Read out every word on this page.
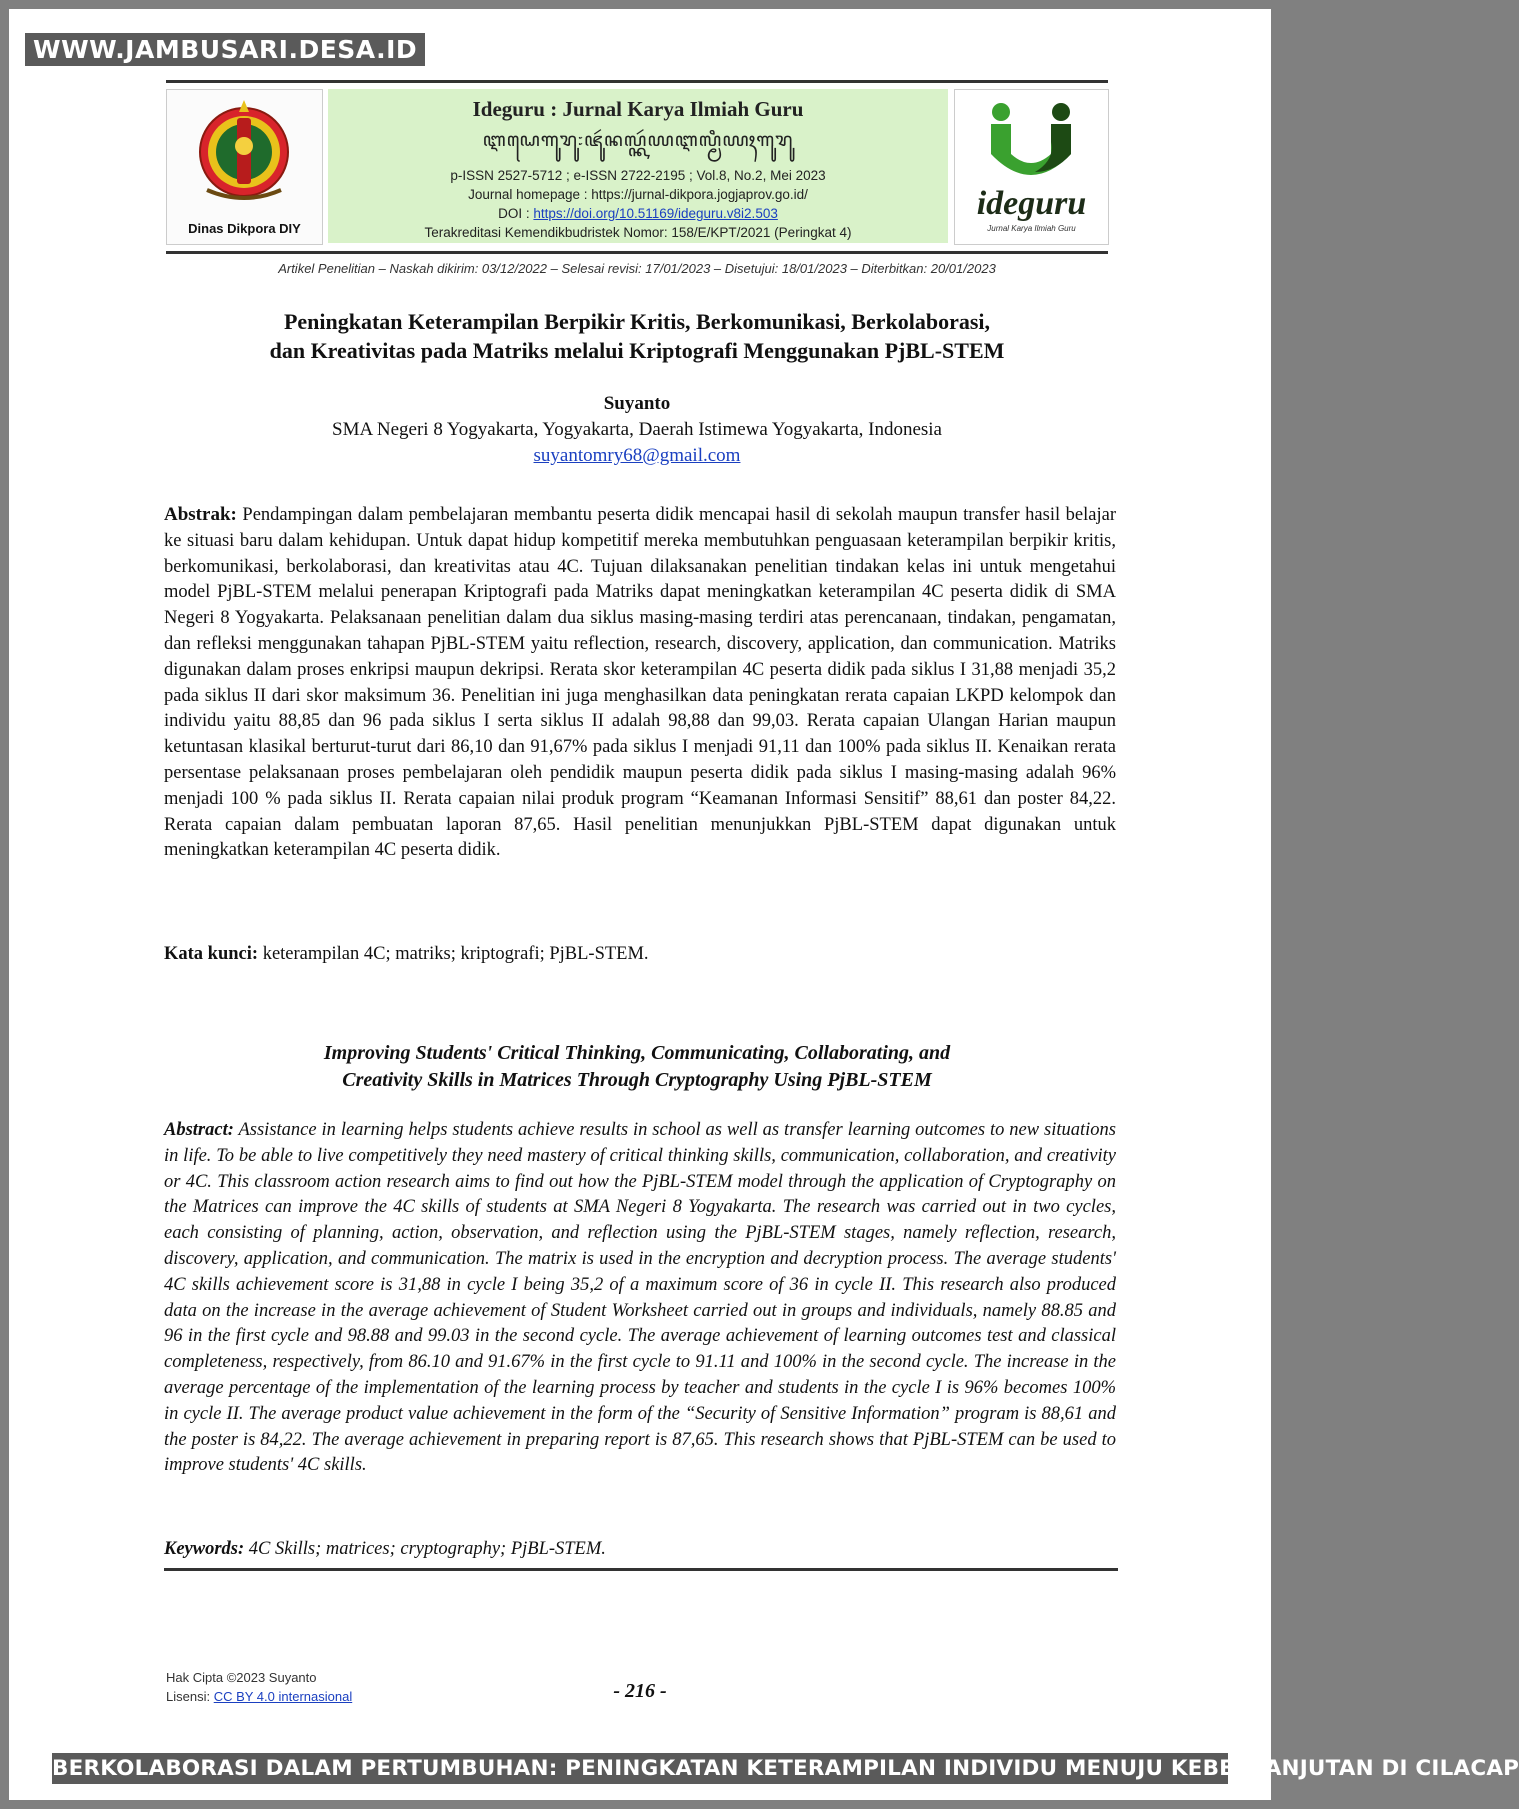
WWW.JAMBUSARI.DESA.ID
Dinas Dikpora DIY
Ideguru : Jurnal Karya Ilmiah Guru
ꦆꦝꦺꦒꦸꦫꦸ꧇ꦗꦸꦂꦤꦭ꧀ꦏꦂꦪꦆꦭ꧀ꦩꦶꦪꦃꦒꦸꦫꦸ
p-ISSN 2527-5712 ; e-ISSN 2722-2195 ; Vol.8, No.2, Mei 2023
Journal homepage : https://jurnal-dikpora.jogjaprov.go.id/
DOI : https://doi.org/10.51169/ideguru.v8i2.503
Terakreditasi Kemendikbudristek Nomor: 158/E/KPT/2021 (Peringkat 4)
ideguru
Jurnal Karya Ilmiah Guru
Artikel Penelitian – Naskah dikirim: 03/12/2022 – Selesai revisi: 17/01/2023 – Disetujui: 18/01/2023 – Diterbitkan: 20/01/2023
Peningkatan Keterampilan Berpikir Kritis, Berkomunikasi, Berkolaborasi,
dan Kreativitas pada Matriks melalui Kriptografi Menggunakan PjBL-STEM
Suyanto
SMA Negeri 8 Yogyakarta, Yogyakarta, Daerah Istimewa Yogyakarta, Indonesia
suyantomry68@gmail.com
Abstrak: Pendampingan dalam pembelajaran membantu peserta didik mencapai hasil di sekolah maupun transfer hasil belajar ke situasi baru dalam kehidupan. Untuk dapat hidup kompetitif mereka membutuhkan penguasaan keterampilan berpikir kritis, berkomunikasi, berkolaborasi, dan kreativitas atau 4C. Tujuan dilaksanakan penelitian tindakan kelas ini untuk mengetahui model PjBL-STEM melalui penerapan Kriptografi pada Matriks dapat meningkatkan keterampilan 4C peserta didik di SMA Negeri 8 Yogyakarta. Pelaksanaan penelitian dalam dua siklus masing-masing terdiri atas perencanaan, tindakan, pengamatan, dan refleksi menggunakan tahapan PjBL-STEM yaitu reflection, research, discovery, application, dan communication. Matriks digunakan dalam proses enkripsi maupun dekripsi. Rerata skor keterampilan 4C peserta didik pada siklus I 31,88 menjadi 35,2 pada siklus II dari skor maksimum 36. Penelitian ini juga menghasilkan data peningkatan rerata capaian LKPD kelompok dan individu yaitu 88,85 dan 96 pada siklus I serta siklus II adalah 98,88 dan 99,03. Rerata capaian Ulangan Harian maupun ketuntasan klasikal berturut-turut dari 86,10 dan 91,67% pada siklus I menjadi 91,11 dan 100% pada siklus II. Kenaikan rerata persentase pelaksanaan proses pembelajaran oleh pendidik maupun peserta didik pada siklus I masing-masing adalah 96% menjadi 100 % pada siklus II. Rerata capaian nilai produk program “Keamanan Informasi Sensitif” 88,61 dan poster 84,22. Rerata capaian dalam pembuatan laporan 87,65. Hasil penelitian menunjukkan PjBL-STEM dapat digunakan untuk meningkatkan keterampilan 4C peserta didik.
Kata kunci: keterampilan 4C; matriks; kriptografi; PjBL-STEM.
Improving Students' Critical Thinking, Communicating, Collaborating, and
Creativity Skills in Matrices Through Cryptography Using PjBL-STEM
Abstract: Assistance in learning helps students achieve results in school as well as transfer learning outcomes to new situations in life. To be able to live competitively they need mastery of critical thinking skills, communication, collaboration, and creativity or 4C. This classroom action research aims to find out how the PjBL-STEM model through the application of Cryptography on the Matrices can improve the 4C skills of students at SMA Negeri 8 Yogyakarta. The research was carried out in two cycles, each consisting of planning, action, observation, and reflection using the PjBL-STEM stages, namely reflection, research, discovery, application, and communication. The matrix is used in the encryption and decryption process. The average students' 4C skills achievement score is 31,88 in cycle I being 35,2 of a maximum score of 36 in cycle II. This research also produced data on the increase in the average achievement of Student Worksheet carried out in groups and individuals, namely 88.85 and 96 in the first cycle and 98.88 and 99.03 in the second cycle. The average achievement of learning outcomes test and classical completeness, respectively, from 86.10 and 91.67% in the first cycle to 91.11 and 100% in the second cycle. The increase in the average percentage of the implementation of the learning process by teacher and students in the cycle I is 96% becomes 100% in cycle II. The average product value achievement in the form of the “Security of Sensitive Information” program is 88,61 and the poster is 84,22. The average achievement in preparing report is 87,65. This research shows that PjBL-STEM can be used to improve students' 4C skills.
Keywords: 4C Skills; matrices; cryptography; PjBL-STEM.
Hak Cipta ©2023 Suyanto
Lisensi: CC BY 4.0 internasional	- 216 -
BERKOLABORASI DALAM PERTUMBUHAN: PENINGKATAN KETERAMPILAN INDIVIDU MENUJU KEBERLANJUTAN DI CILACAP
